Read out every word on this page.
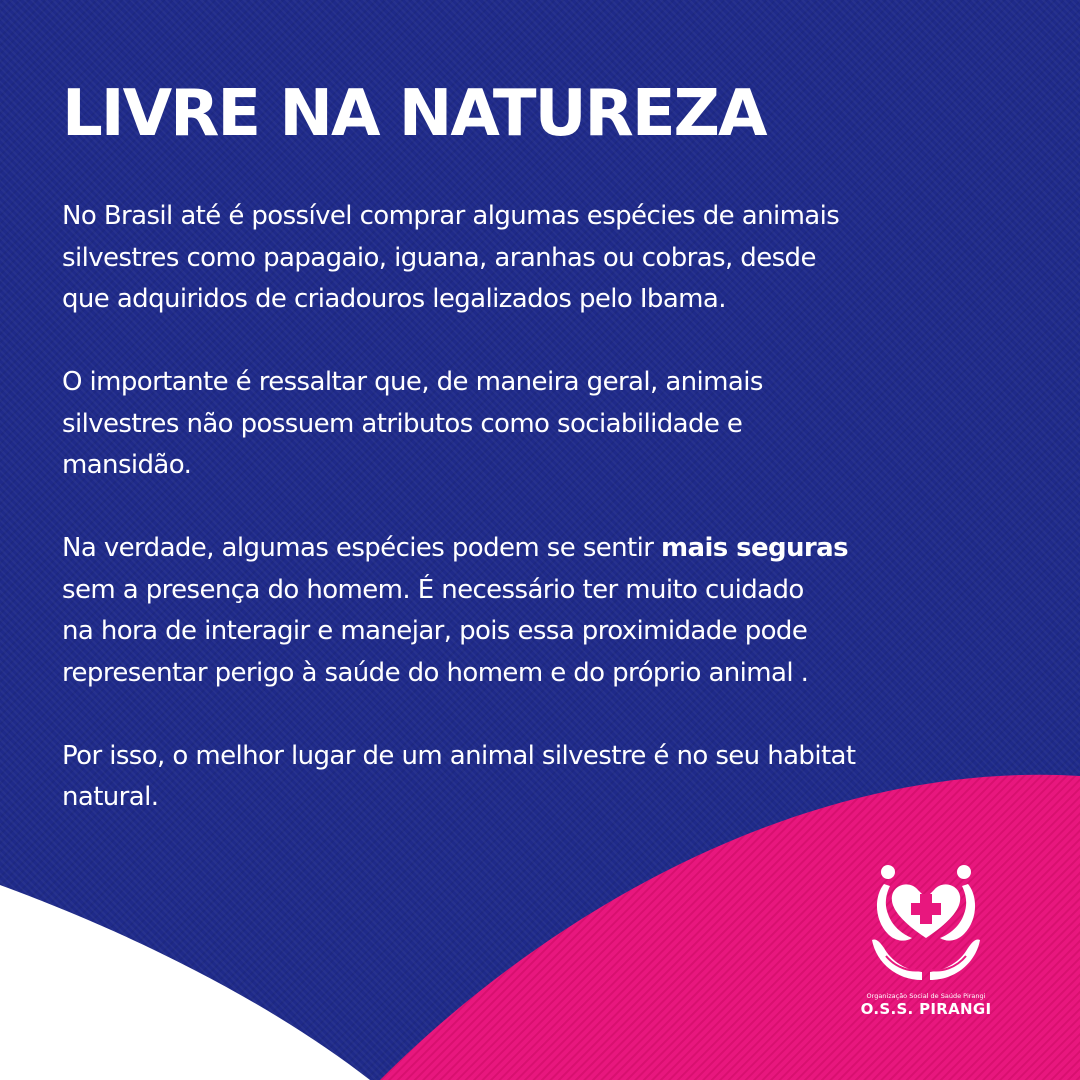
LIVRE NA NATUREZA

No Brasil até é possível comprar algumas espécies de animais
silvestres como papagaio, iguana, aranhas ou cobras, desde
que adquiridos de criadouros legalizados pelo Ibama.

O importante é ressaltar que, de maneira geral, animais
silvestres não possuem atributos como sociabilidade e
mansidão.

Na verdade, algumas espécies podem se sentir mais seguras
sem a presença do homem. É necessário ter muito cuidado
na hora de interagir e manejar, pois essa proximidade pode
representar perigo à saúde do homem e do próprio animal .

Por isso, o melhor lugar de um animal silvestre é no seu habitat
natural.

Organização Social de Saúde Pirangi
O.S.S. PIRANGI
